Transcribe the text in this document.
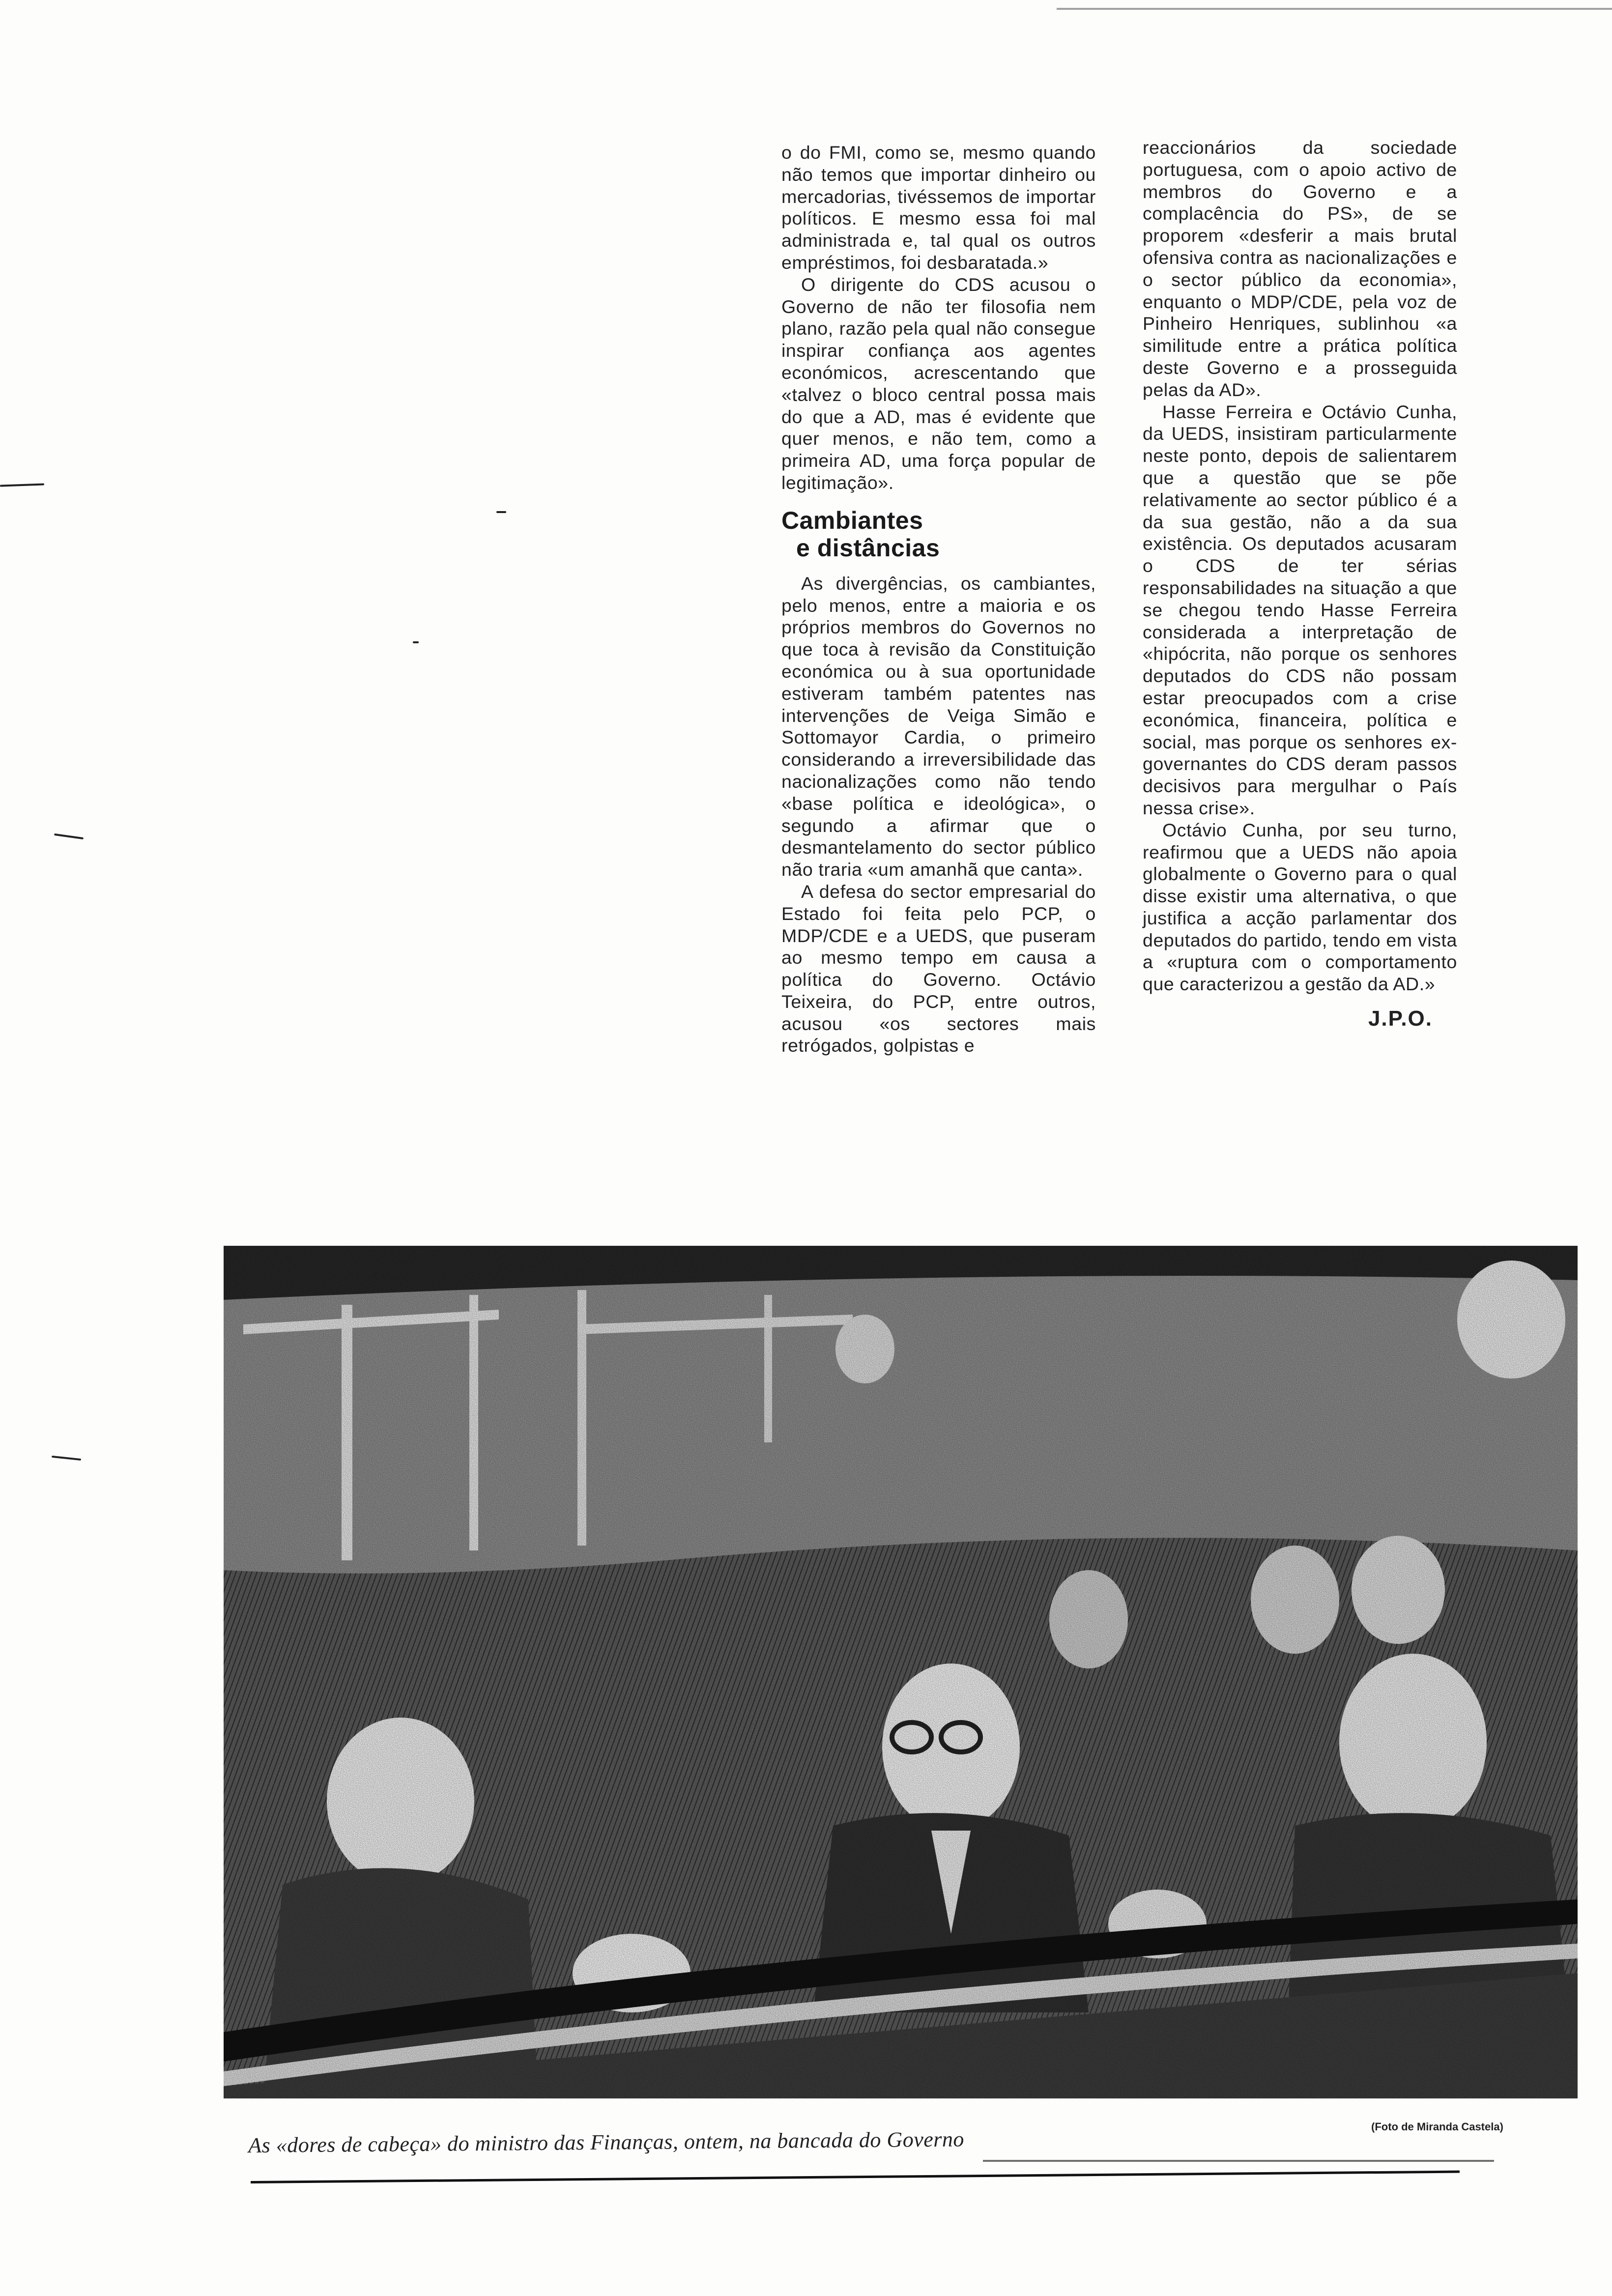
o do FMI, como se, mesmo quando não temos que importar dinheiro ou mercadorias, tivéssemos de importar políticos. E mesmo essa foi mal administrada e, tal qual os outros empréstimos, foi desbaratada.»

O dirigente do CDS acusou o Governo de não ter filosofia nem plano, razão pela qual não consegue inspirar confiança aos agentes económicos, acrescentando que «talvez o bloco central possa mais do que a AD, mas é evidente que quer menos, e não tem, como a primeira AD, uma força popular de legitimação».

Cambiantes
e distâncias

As divergências, os cambiantes, pelo menos, entre a maioria e os próprios membros do Governos no que toca à revisão da Constituição económica ou à sua oportunidade estiveram também patentes nas intervenções de Veiga Simão e Sottomayor Cardia, o primeiro considerando a irreversibilidade das nacionalizações como não tendo «base política e ideológica», o segundo a afirmar que o desmantelamento do sector público não traria «um amanhã que canta».

A defesa do sector empresarial do Estado foi feita pelo PCP, o MDP/CDE e a UEDS, que puseram ao mesmo tempo em causa a política do Governo. Octávio Teixeira, do PCP, entre outros, acusou «os sectores mais retrógados, golpistas e

reaccionários da sociedade portuguesa, com o apoio activo de membros do Governo e a complacência do PS», de se proporem «desferir a mais brutal ofensiva contra as nacionalizações e o sector público da economia», enquanto o MDP/CDE, pela voz de Pinheiro Henriques, sublinhou «a similitude entre a prática política deste Governo e a prosseguida pelas da AD».

Hasse Ferreira e Octávio Cunha, da UEDS, insistiram particularmente neste ponto, depois de salientarem que a questão que se põe relativamente ao sector público é a da sua gestão, não a da sua existência. Os deputados acusaram o CDS de ter sérias responsabilidades na situação a que se chegou tendo Hasse Ferreira considerada a interpretação de «hipócrita, não porque os senhores deputados do CDS não possam estar preocupados com a crise económica, financeira, política e social, mas porque os senhores ex-governantes do CDS deram passos decisivos para mergulhar o País nessa crise».

Octávio Cunha, por seu turno, reafirmou que a UEDS não apoia globalmente o Governo para o qual disse existir uma alternativa, o que justifica a acção parlamentar dos deputados do partido, tendo em vista a «ruptura com o comportamento que caracterizou a gestão da AD.»

J.P.O.
(Foto de Miranda Castela)
As «dores de cabeça» do ministro das Finanças, ontem, na bancada do Governo
